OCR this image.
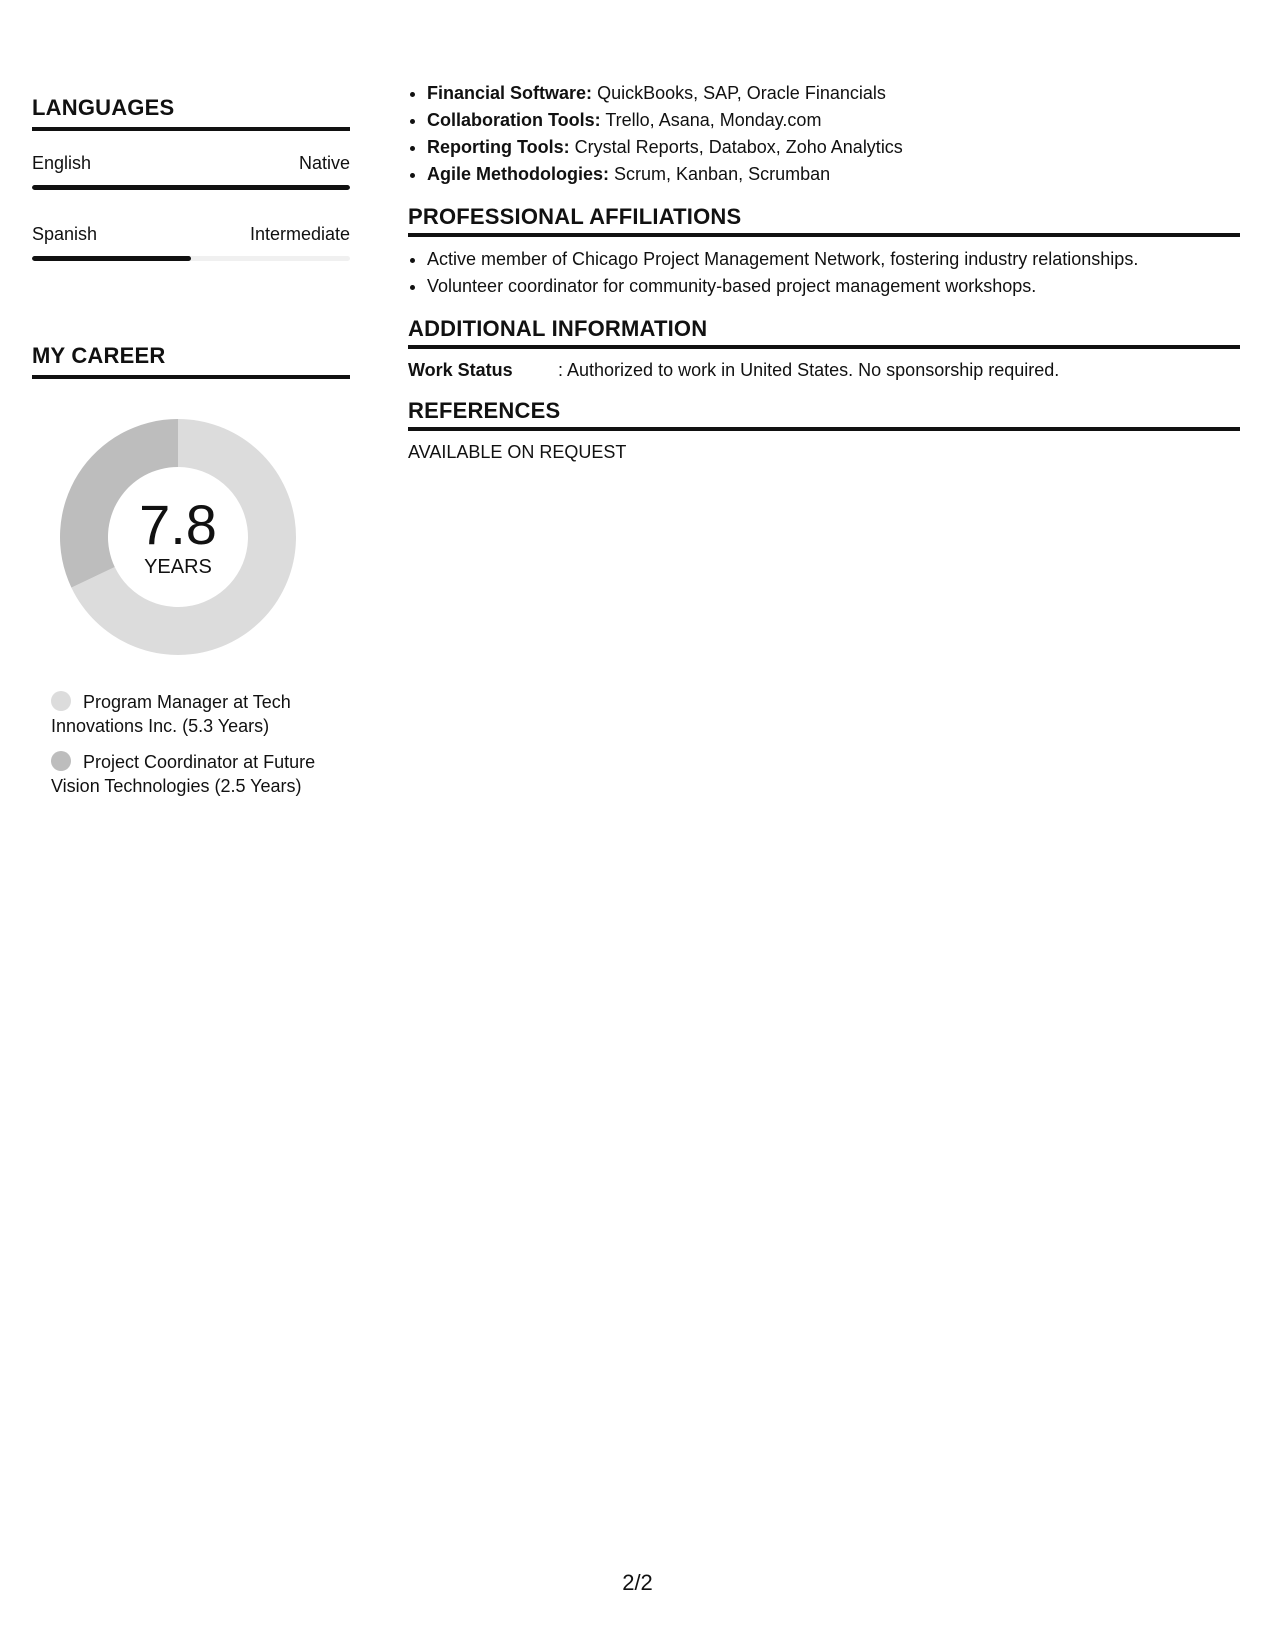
LANGUAGES
English	Native
Spanish	Intermediate
MY CAREER
7.8
YEARS
Program Manager at Tech Innovations Inc. (5.3 Years)
Project Coordinator at Future Vision Technologies (2.5 Years)
• Financial Software: QuickBooks, SAP, Oracle Financials
• Collaboration Tools: Trello, Asana, Monday.com
• Reporting Tools: Crystal Reports, Databox, Zoho Analytics
• Agile Methodologies: Scrum, Kanban, Scrumban
PROFESSIONAL AFFILIATIONS
• Active member of Chicago Project Management Network, fostering industry relationships.
• Volunteer coordinator for community-based project management workshops.
ADDITIONAL INFORMATION
Work Status	: Authorized to work in United States. No sponsorship required.
REFERENCES
AVAILABLE ON REQUEST
2/2
